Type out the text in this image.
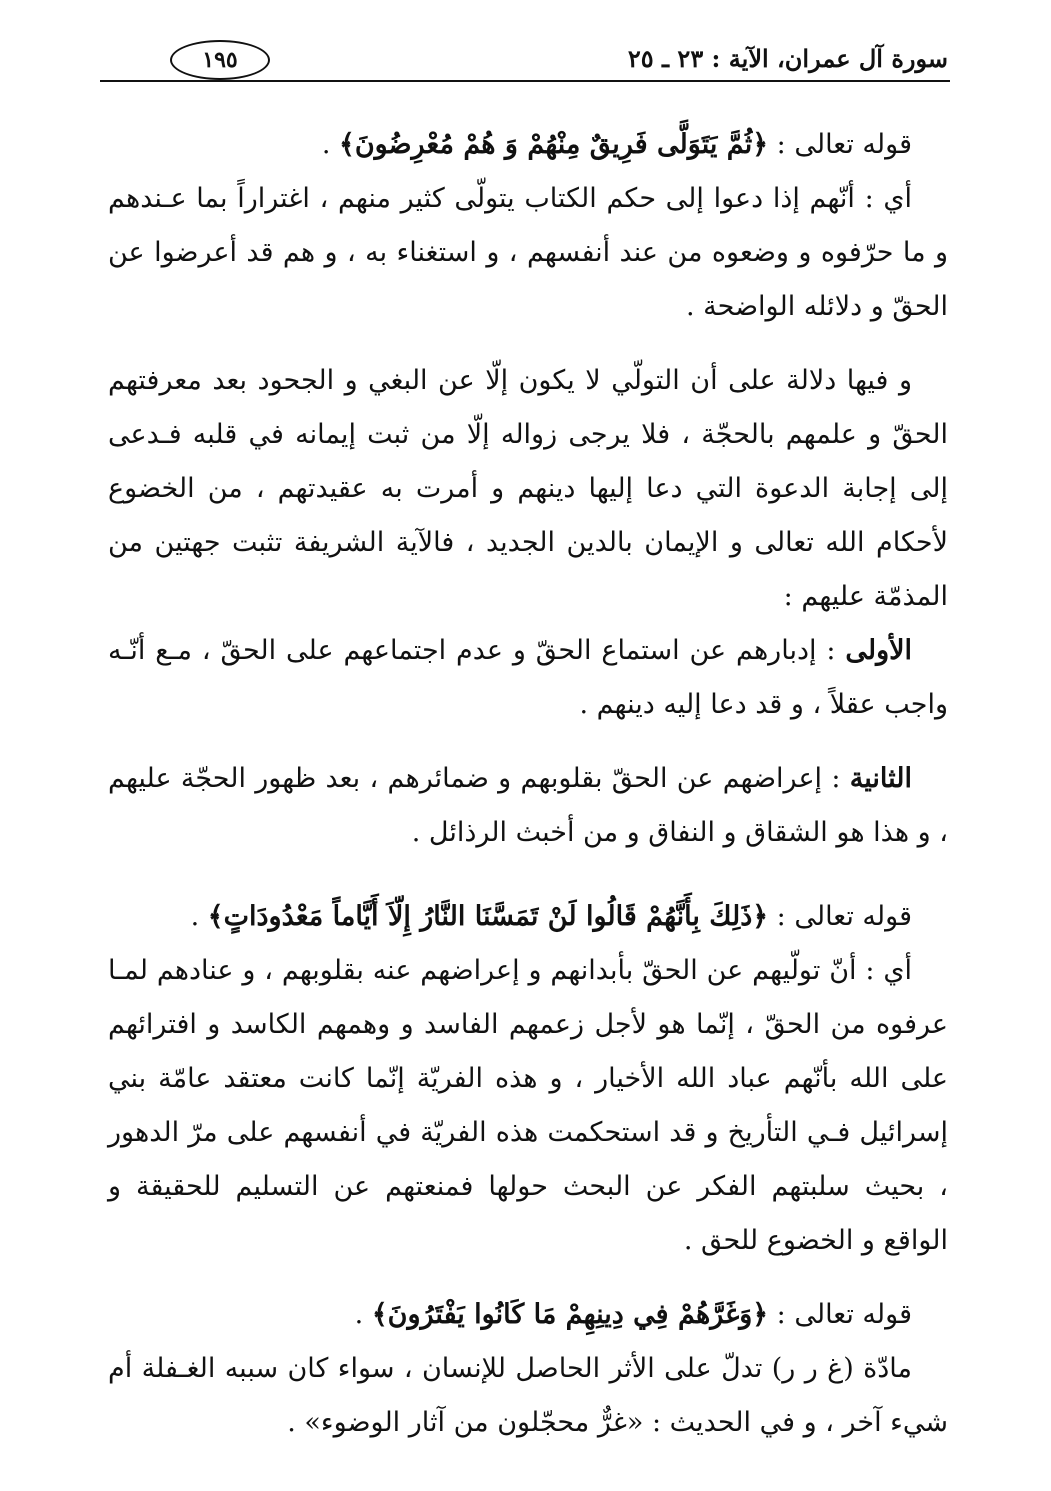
سورة آل عمران، الآية : ٢٣ ـ ٢٥
١٩٥

قوله تعالى : ﴿ثُمَّ يَتَوَلَّى فَرِيقٌ مِنْهُمْ وَ هُمْ مُعْرِضُونَ﴾ .

أي : أنّهم إذا دعوا إلى حكم الكتاب يتولّى كثير منهم ، اغتراراً بما عـندهم و ما حرّفوه و وضعوه من عند أنفسهم ، و استغناء به ، و هم قد أعرضوا عن الحقّ و دلائله الواضحة .

و فيها دلالة على أن التولّي لا يكون إلّا عن البغي و الجحود بعد معرفتهم الحقّ و علمهم بالحجّة ، فلا يرجى زواله إلّا من ثبت إيمانه في قلبه فـدعى إلى إجابة الدعوة التي دعا إليها دينهم و أمرت به عقيدتهم ، من الخضوع لأحكام الله تعالى و الإيمان بالدين الجديد ، فالآية الشريفة تثبت جهتين من المذمّة عليهم :

الأولى : إدبارهم عن استماع الحقّ و عدم اجتماعهم على الحقّ ، مـع أنّـه واجب عقلاً ، و قد دعا إليه دينهم .

الثانية : إعراضهم عن الحقّ بقلوبهم و ضمائرهم ، بعد ظهور الحجّة عليهم ، و هذا هو الشقاق و النفاق و من أخبث الرذائل .

قوله تعالى : ﴿ذَلِكَ بِأَنَّهُمْ قَالُوا لَنْ تَمَسَّنَا النَّارُ إِلّاَ أَيَّاماً مَعْدُودَاتٍ﴾ .

أي : أنّ تولّيهم عن الحقّ بأبدانهم و إعراضهم عنه بقلوبهم ، و عنادهم لمـا عرفوه من الحقّ ، إنّما هو لأجل زعمهم الفاسد و وهمهم الكاسد و افترائهم على الله بأنّهم عباد الله الأخيار ، و هذه الفريّة إنّما كانت معتقد عامّة بني إسرائيل فـي التأريخ و قد استحكمت هذه الفريّة في أنفسهم على مرّ الدهور ، بحيث سلبتهم الفكر عن البحث حولها فمنعتهم عن التسليم للحقيقة و الواقع و الخضوع للحق .

قوله تعالى : ﴿وَغَرَّهُمْ فِي دِينِهِمْ مَا كَانُوا يَفْتَرُونَ﴾ .

مادّة (غ ر ر) تدلّ على الأثر الحاصل للإنسان ، سواء كان سببه الغـفلة أم شيء آخر ، و في الحديث : «غرٌّ محجّلون من آثار الوضوء» .
